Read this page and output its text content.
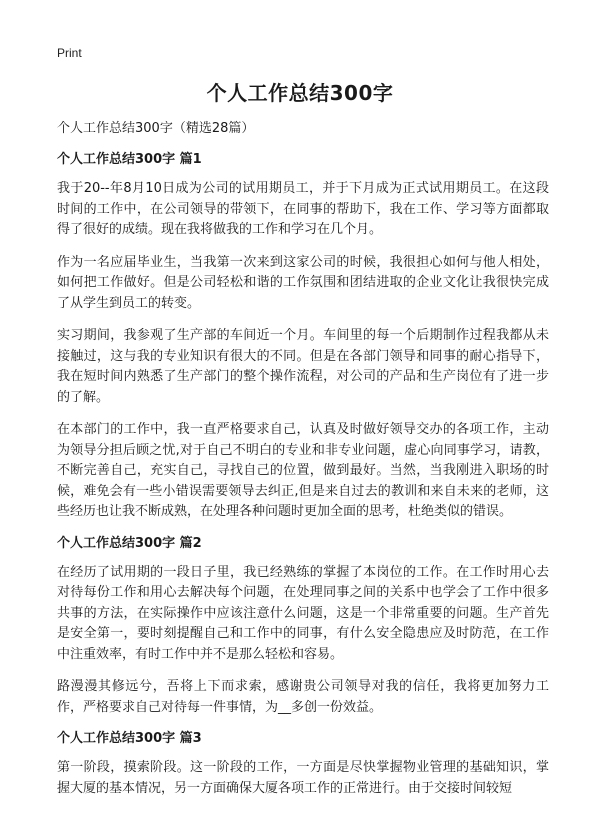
Print
个人工作总结300字
个人工作总结300字（精选28篇）
个人工作总结300字 篇1

我于20--年8月10日成为公司的试用期员工，并于下月成为正式试用期员工。在这段时间的工作中，在公司领导的带领下，在同事的帮助下，我在工作、学习等方面都取得了很好的成绩。现在我将做我的工作和学习在几个月。

作为一名应届毕业生，当我第一次来到这家公司的时候，我很担心如何与他人相处，如何把工作做好。但是公司轻松和谐的工作氛围和团结进取的企业文化让我很快完成了从学生到员工的转变。

实习期间，我参观了生产部的车间近一个月。车间里的每一个后期制作过程我都从未接触过，这与我的专业知识有很大的不同。但是在各部门领导和同事的耐心指导下，我在短时间内熟悉了生产部门的整个操作流程，对公司的产品和生产岗位有了进一步的了解。

在本部门的工作中，我一直严格要求自己，认真及时做好领导交办的各项工作，主动为领导分担后顾之忧,对于自己不明白的专业和非专业问题，虚心向同事学习，请教，不断完善自己，充实自己，寻找自己的位置，做到最好。当然，当我刚进入职场的时候，难免会有一些小错误需要领导去纠正,但是来自过去的教训和来自未来的老师，这些经历也让我不断成熟，在处理各种问题时更加全面的思考，杜绝类似的错误。

个人工作总结300字 篇2

在经历了试用期的一段日子里，我已经熟练的掌握了本岗位的工作。在工作时用心去对待每份工作和用心去解决每个问题，在处理同事之间的关系中也学会了工作中很多共事的方法，在实际操作中应该注意什么问题，这是一个非常重要的问题。生产首先是安全第一，要时刻提醒自己和工作中的同事，有什么安全隐患应及时防范，在工作中注重效率，有时工作中并不是那么轻松和容易。

路漫漫其修远兮，吾将上下而求索，感谢贵公司领导对我的信任，我将更加努力工作，严格要求自己对待每一件事情，为__多创一份效益。

个人工作总结300字 篇3

第一阶段，摸索阶段。这一阶段的工作，一方面是尽快掌握物业管理的基础知识，掌握大厦的基本情况，另一方面确保大厦各项工作的正常进行。由于交接时间较短
